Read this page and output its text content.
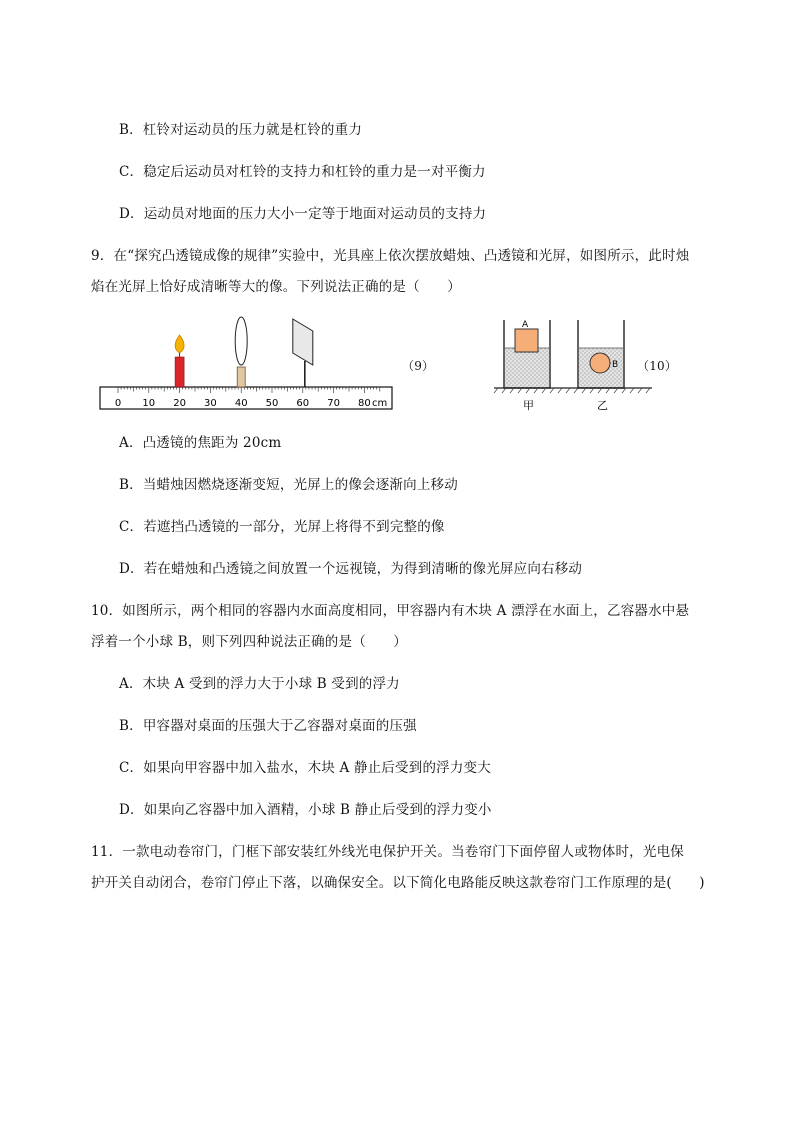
B．杠铃对运动员的压力就是杠铃的重力
C．稳定后运动员对杠铃的支持力和杠铃的重力是一对平衡力
D．运动员对地面的压力大小一定等于地面对运动员的支持力
9．在“探究凸透镜成像的规律”实验中，光具座上依次摆放蜡烛、凸透镜和光屏，如图所示，此时烛
焰在光屏上恰好成清晰等大的像。下列说法正确的是（　　）
0 10 20 30 40 50 60 70 80 cm
（9）
A
B
甲	乙
（10）
A．凸透镜的焦距为 20cm
B．当蜡烛因燃烧逐渐变短，光屏上的像会逐渐向上移动
C．若遮挡凸透镜的一部分，光屏上将得不到完整的像
D．若在蜡烛和凸透镜之间放置一个远视镜，为得到清晰的像光屏应向右移动
10．如图所示，两个相同的容器内水面高度相同，甲容器内有木块 A 漂浮在水面上，乙容器水中悬
浮着一个小球 B，则下列四种说法正确的是（　　）
A．木块 A 受到的浮力大于小球 B 受到的浮力
B．甲容器对桌面的压强大于乙容器对桌面的压强
C．如果向甲容器中加入盐水，木块 A 静止后受到的浮力变大
D．如果向乙容器中加入酒精，小球 B 静止后受到的浮力变小
11．一款电动卷帘门，门框下部安装红外线光电保护开关。当卷帘门下面停留人或物体时，光电保
护开关自动闭合，卷帘门停止下落，以确保安全。以下简化电路能反映这款卷帘门工作原理的是(　　)
